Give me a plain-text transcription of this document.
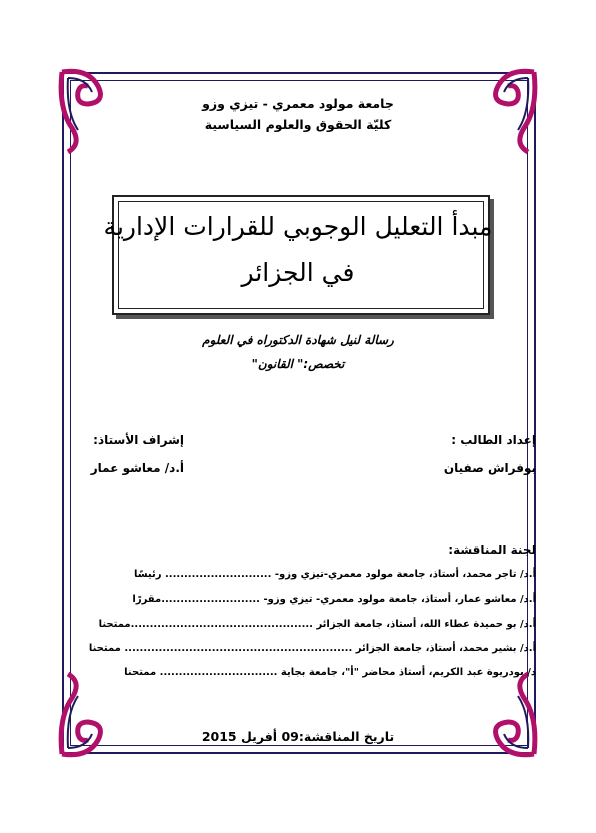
جامعة مولود معمري - تيزي وزو
كليّة الحقوق والعلوم السياسية
مبدأ التعليل الوجوبي للقرارات الإدارية
في الجزائر
رسالة لنيل شهادة الدكتوراه في العلوم
تخصص:" القانون"
إعداد الطالب :
بوفراش صفيان
إشراف الأستاذ:
أ.د/ معاشو عمار
لجنة المناقشة:
أ.د/ تاجر محمد، أستاذ، جامعة مولود معمري-تيزي وزو- ............................ رئيسًا
أ.د/ معاشو عمار، أستاذ، جامعة مولود معمري- تيزي وزو- ..........................مقررًا
أ.د/ بو حميدة عطاء الله، أستاذ، جامعة الجزائر ................................................ممتحنا
أ.د/ بشير محمد، أستاذ، جامعة الجزائر ............................................................ ممتحنا
د/ بودريوة عبد الكريم، أستاذ محاضر "أ"، جامعة بجاية ............................... ممتحنا
تاريخ المناقشة:09 أفريل 2015
